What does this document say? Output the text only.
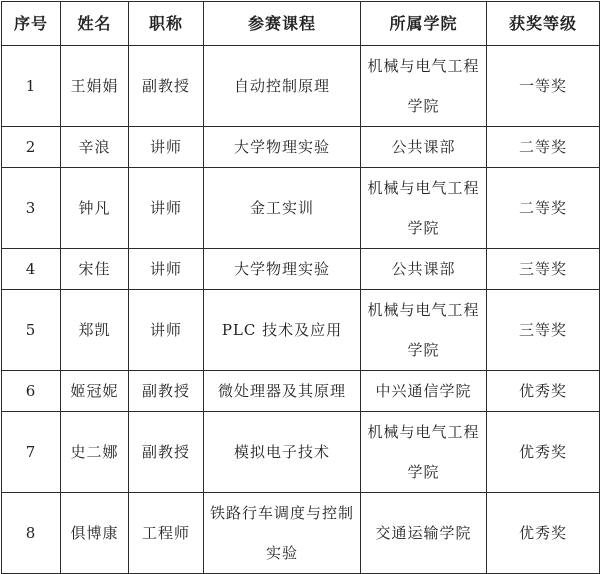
序号	姓名	职称	参赛课程	所属学院	获奖等级
1	王娟娟	副教授	自动控制原理	机械与电气工程学院	一等奖
2	辛浪	讲师	大学物理实验	公共课部	二等奖
3	钟凡	讲师	金工实训	机械与电气工程学院	二等奖
4	宋佳	讲师	大学物理实验	公共课部	三等奖
5	郑凯	讲师	PLC 技术及应用	机械与电气工程学院	三等奖
6	姬冠妮	副教授	微处理器及其原理	中兴通信学院	优秀奖
7	史二娜	副教授	模拟电子技术	机械与电气工程学院	优秀奖
8	俱博康	工程师	铁路行车调度与控制实验	交通运输学院	优秀奖
